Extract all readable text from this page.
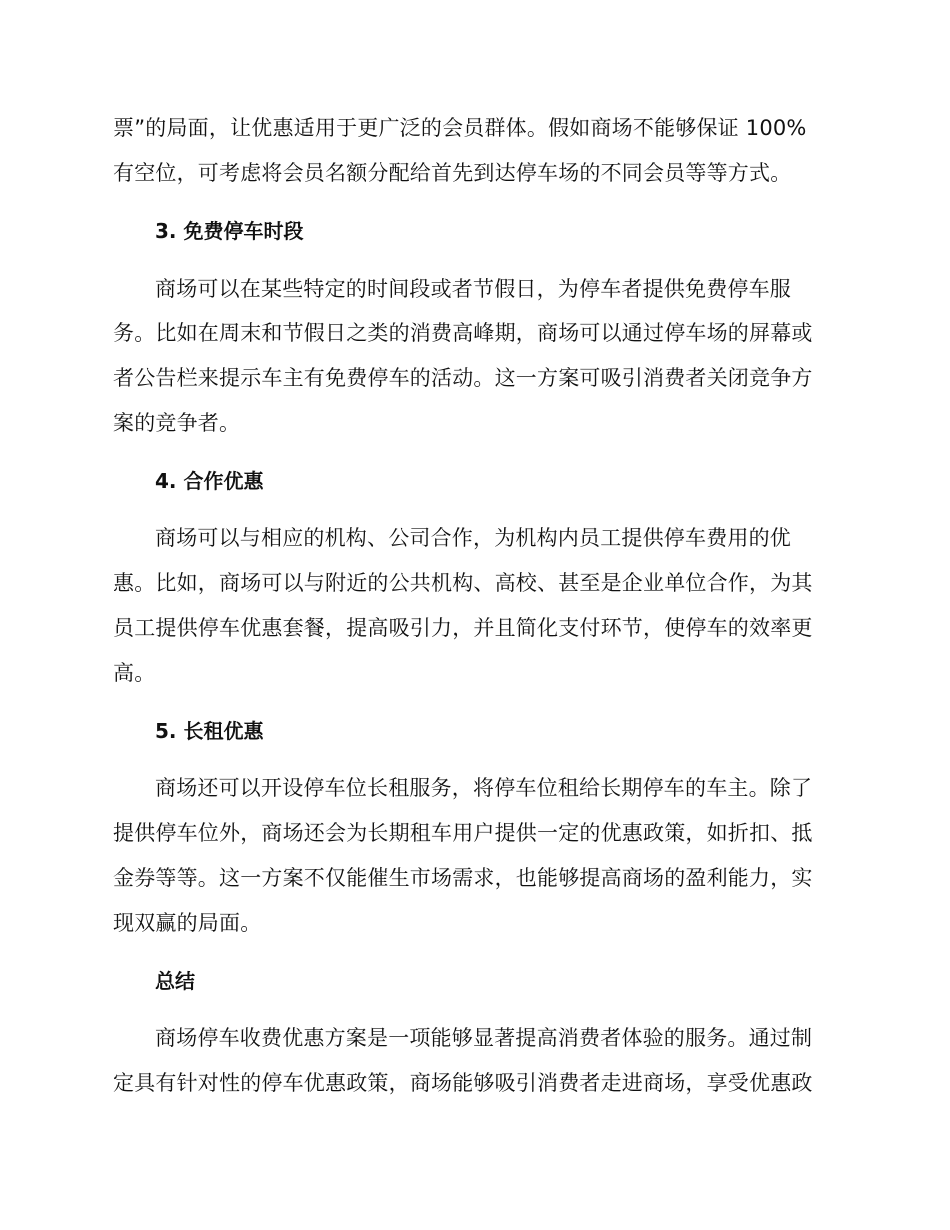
票”的局面，让优惠适用于更广泛的会员群体。假如商场不能够保证 100%
有空位，可考虑将会员名额分配给首先到达停车场的不同会员等等方式。
3. 免费停车时段
商场可以在某些特定的时间段或者节假日，为停车者提供免费停车服
务。比如在周末和节假日之类的消费高峰期，商场可以通过停车场的屏幕或
者公告栏来提示车主有免费停车的活动。这一方案可吸引消费者关闭竞争方
案的竞争者。
4. 合作优惠
商场可以与相应的机构、公司合作，为机构内员工提供停车费用的优
惠。比如，商场可以与附近的公共机构、高校、甚至是企业单位合作，为其
员工提供停车优惠套餐，提高吸引力，并且简化支付环节，使停车的效率更
高。
5. 长租优惠
商场还可以开设停车位长租服务，将停车位租给长期停车的车主。除了
提供停车位外，商场还会为长期租车用户提供一定的优惠政策，如折扣、抵
金券等等。这一方案不仅能催生市场需求，也能够提高商场的盈利能力，实
现双赢的局面。
总结
商场停车收费优惠方案是一项能够显著提高消费者体验的服务。通过制
定具有针对性的停车优惠政策，商场能够吸引消费者走进商场，享受优惠政
